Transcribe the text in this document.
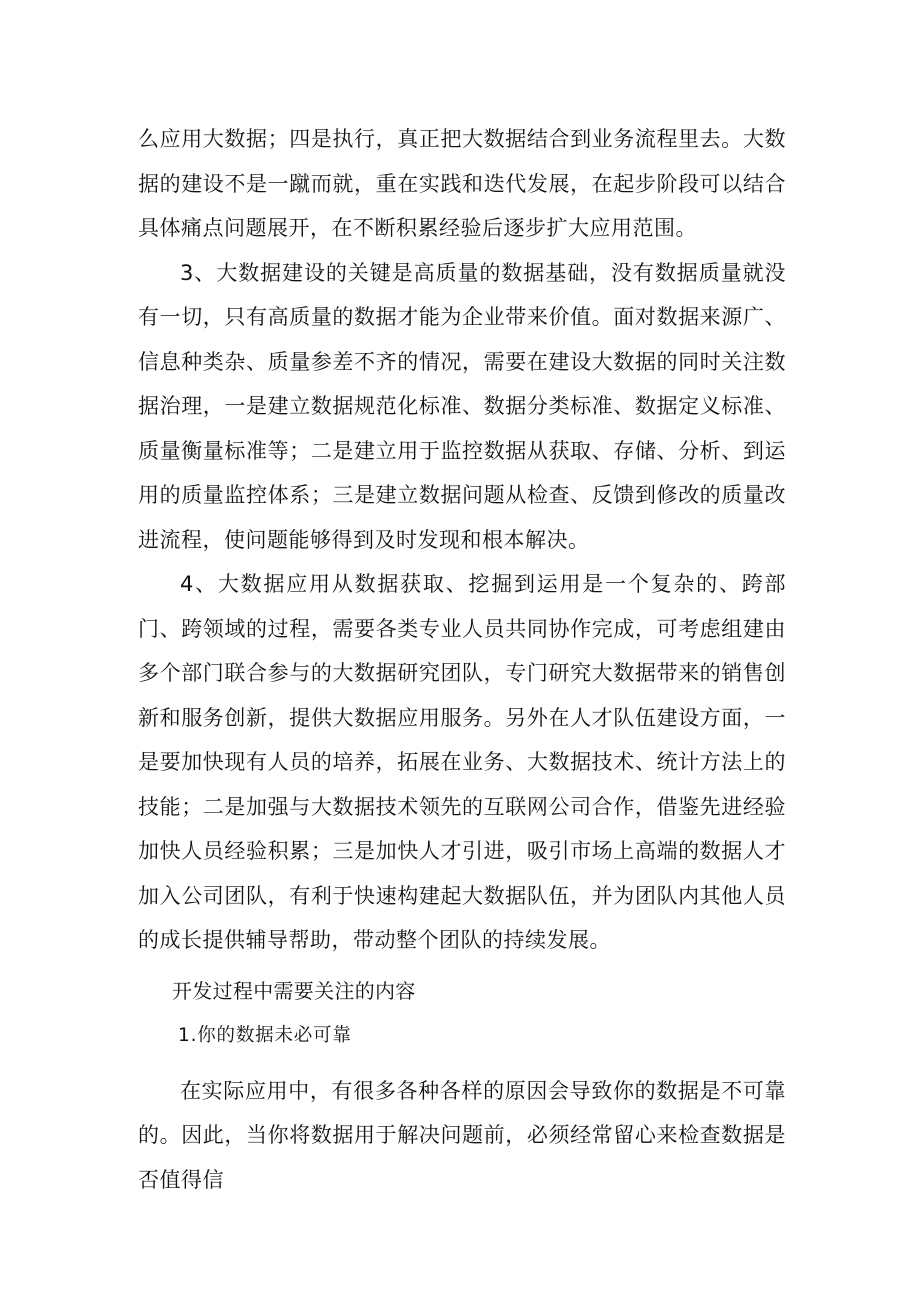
么应用大数据；四是执行，真正把大数据结合到业务流程里去。大数据的建设不是一蹴而就，重在实践和迭代发展，在起步阶段可以结合具体痛点问题展开，在不断积累经验后逐步扩大应用范围。

3、大数据建设的关键是高质量的数据基础，没有数据质量就没有一切，只有高质量的数据才能为企业带来价值。面对数据来源广、信息种类杂、质量参差不齐的情况，需要在建设大数据的同时关注数据治理，一是建立数据规范化标准、数据分类标准、数据定义标准、质量衡量标准等；二是建立用于监控数据从获取、存储、分析、到运用的质量监控体系；三是建立数据问题从检查、反馈到修改的质量改进流程，使问题能够得到及时发现和根本解决。

4、大数据应用从数据获取、挖掘到运用是一个复杂的、跨部门、跨领域的过程，需要各类专业人员共同协作完成，可考虑组建由多个部门联合参与的大数据研究团队，专门研究大数据带来的销售创新和服务创新，提供大数据应用服务。另外在人才队伍建设方面，一是要加快现有人员的培养，拓展在业务、大数据技术、统计方法上的技能；二是加强与大数据技术领先的互联网公司合作，借鉴先进经验加快人员经验积累；三是加快人才引进，吸引市场上高端的数据人才加入公司团队，有利于快速构建起大数据队伍，并为团队内其他人员的成长提供辅导帮助，带动整个团队的持续发展。

开发过程中需要关注的内容
1.你的数据未必可靠

在实际应用中，有很多各种各样的原因会导致你的数据是不可靠的。因此，当你将数据用于解决问题前，必须经常留心来检查数据是否值得信
